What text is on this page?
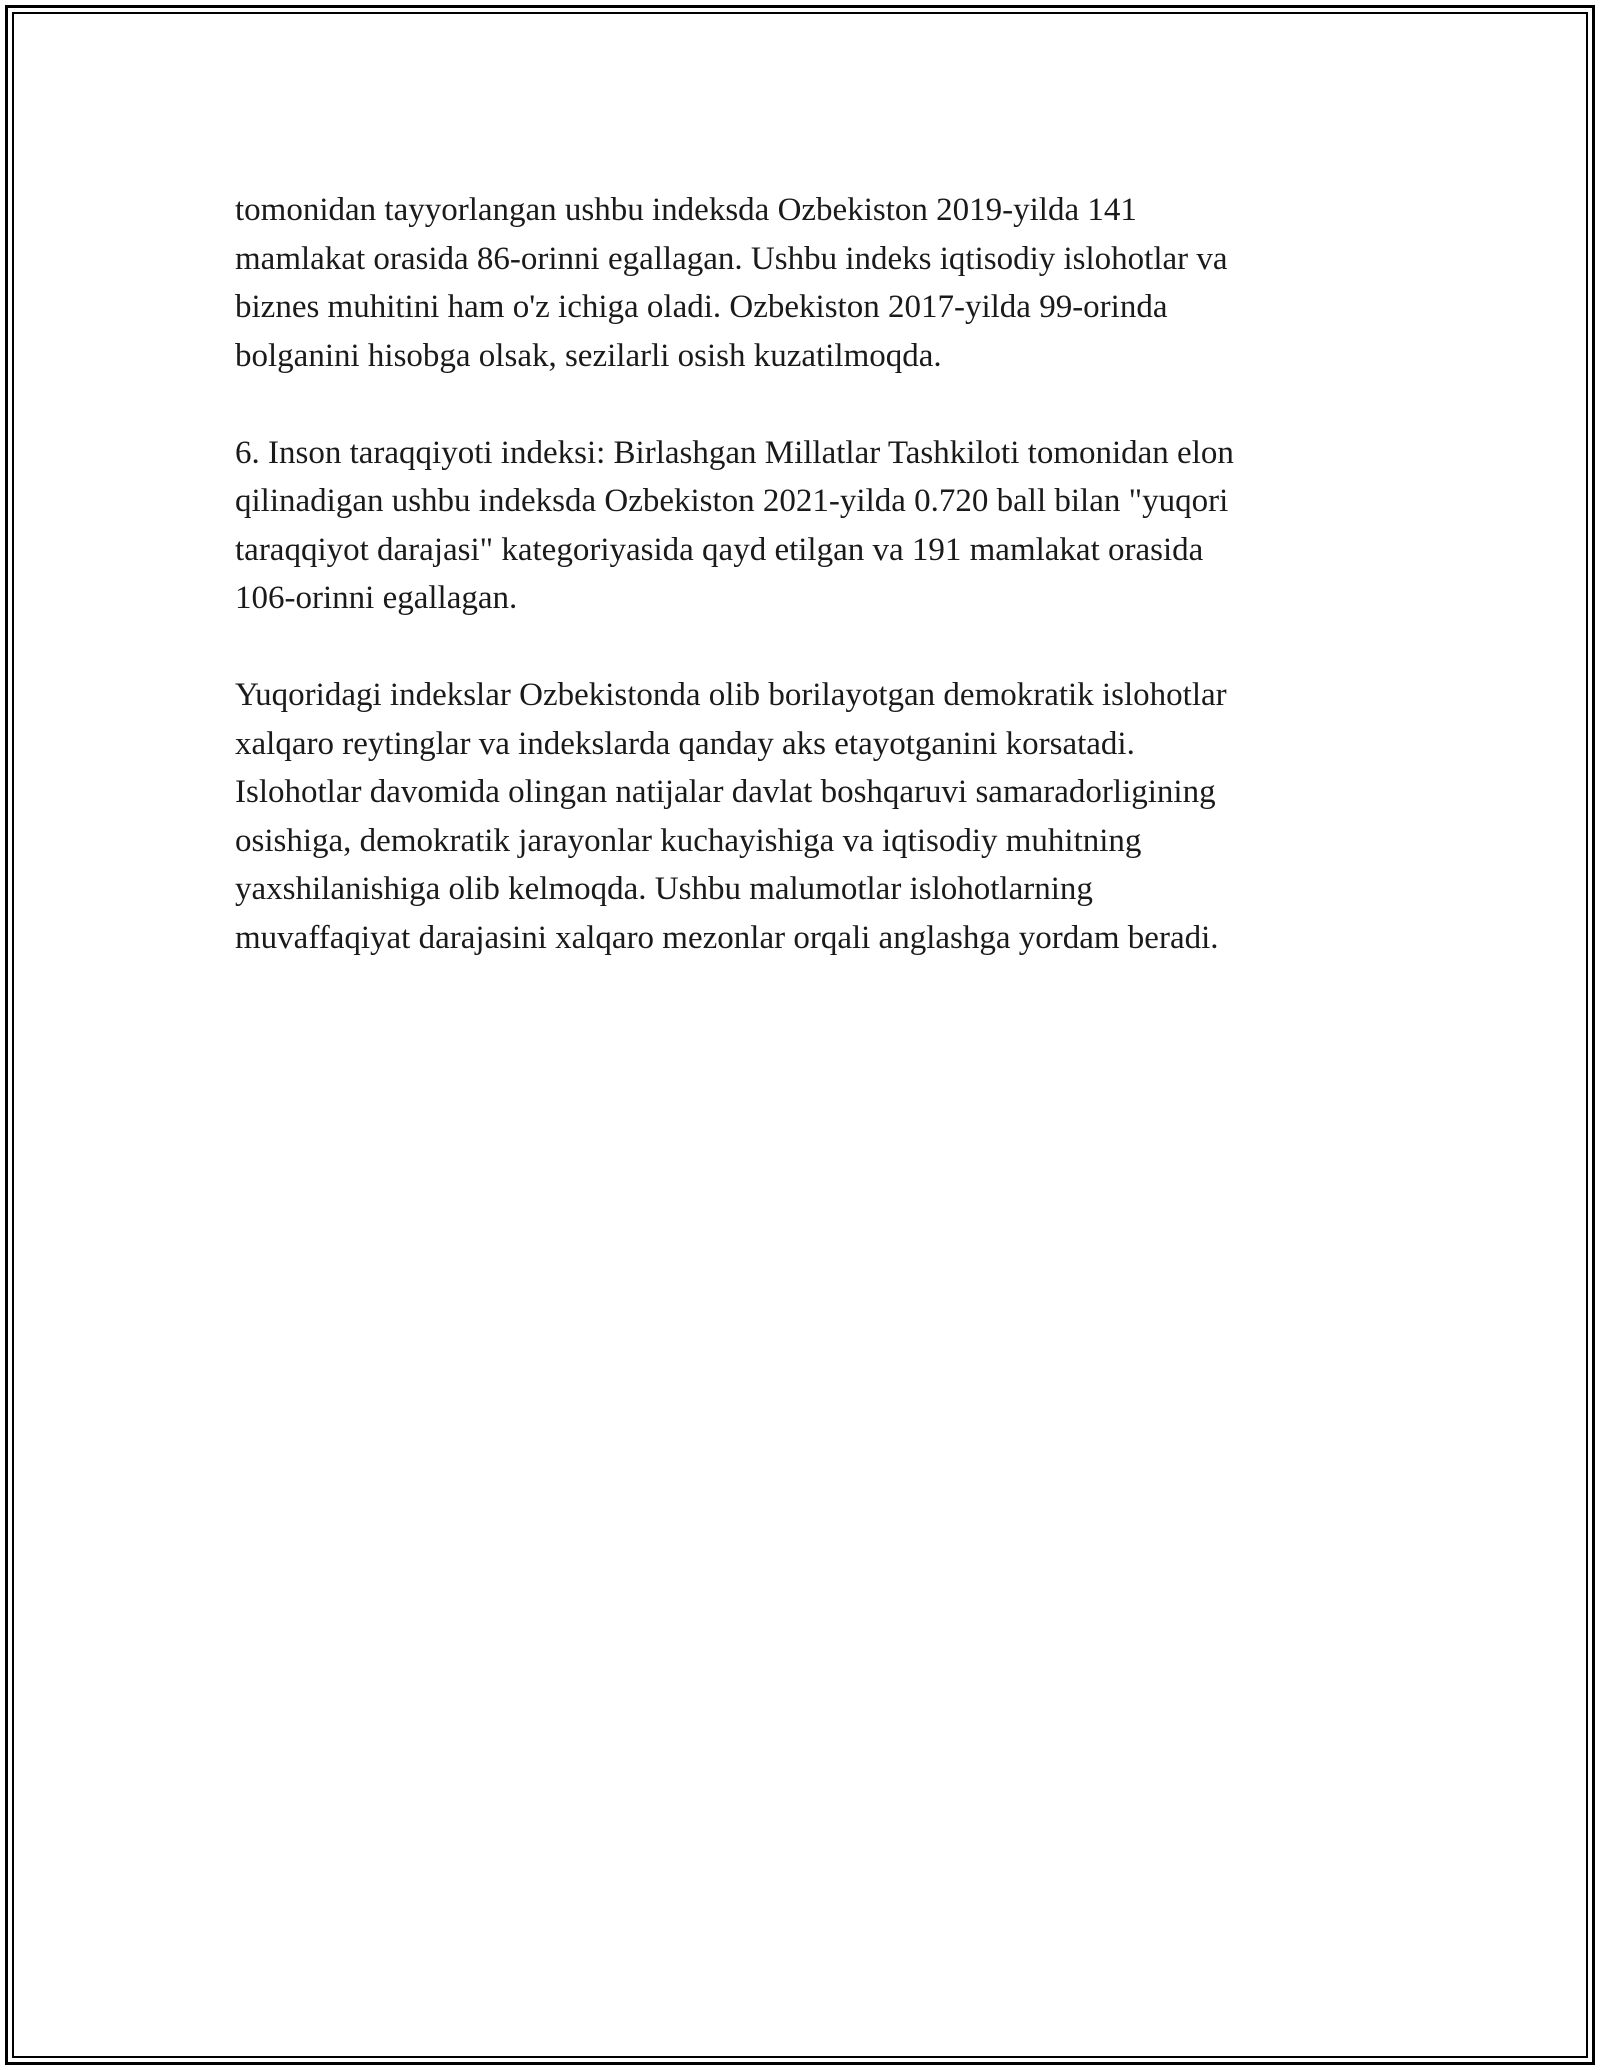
tomonidan tayyorlangan ushbu indeksda Ozbekiston 2019-yilda 141
mamlakat orasida 86-orinni egallagan. Ushbu indeks iqtisodiy islohotlar va
biznes muhitini ham o'z ichiga oladi. Ozbekiston 2017-yilda 99-orinda
bolganini hisobga olsak, sezilarli osish kuzatilmoqda.

6. Inson taraqqiyoti indeksi: Birlashgan Millatlar Tashkiloti tomonidan elon
qilinadigan ushbu indeksda Ozbekiston 2021-yilda 0.720 ball bilan "yuqori
taraqqiyot darajasi" kategoriyasida qayd etilgan va 191 mamlakat orasida
106-orinni egallagan.

Yuqoridagi indekslar Ozbekistonda olib borilayotgan demokratik islohotlar
xalqaro reytinglar va indekslarda qanday aks etayotganini korsatadi.
Islohotlar davomida olingan natijalar davlat boshqaruvi samaradorligining
osishiga, demokratik jarayonlar kuchayishiga va iqtisodiy muhitning
yaxshilanishiga olib kelmoqda. Ushbu malumotlar islohotlarning
muvaffaqiyat darajasini xalqaro mezonlar orqali anglashga yordam beradi.
